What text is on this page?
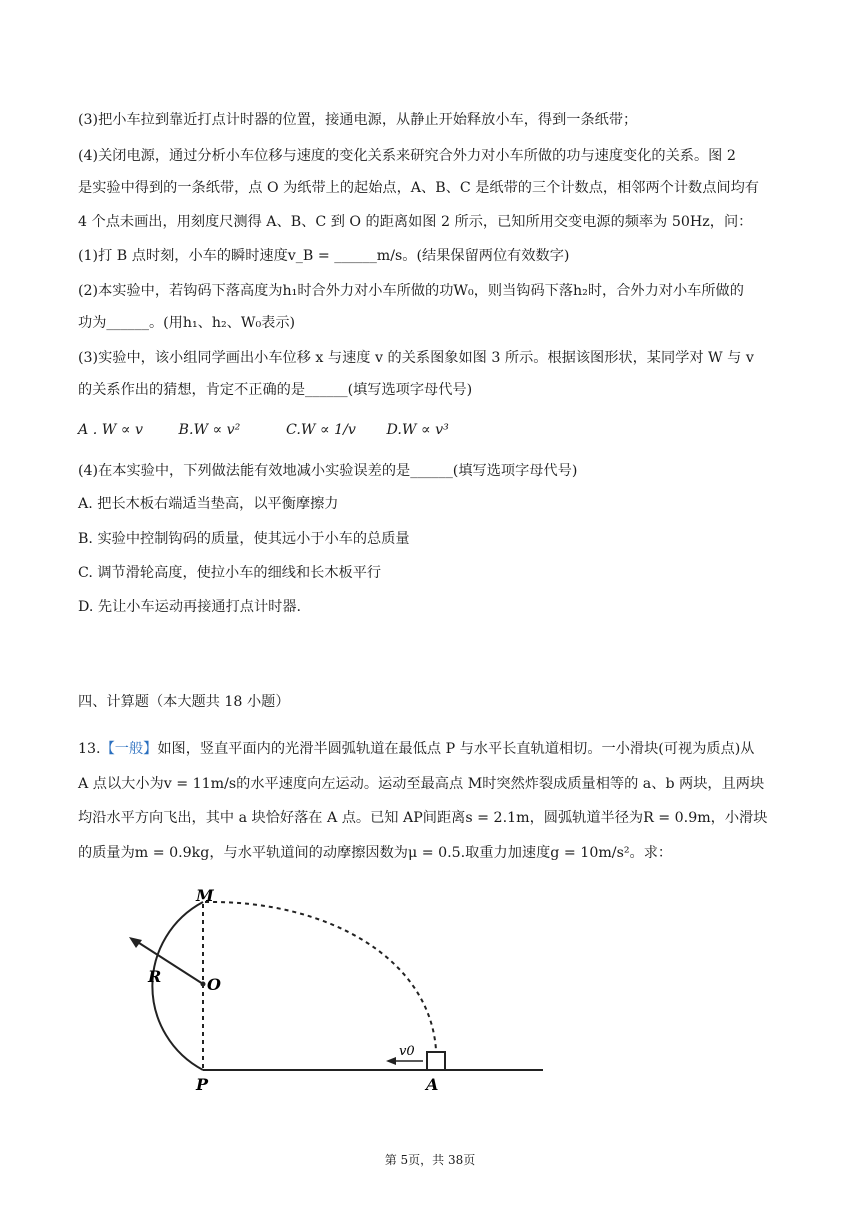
(3)把小车拉到靠近打点计时器的位置，接通电源，从静止开始释放小车，得到一条纸带；
(4)关闭电源，通过分析小车位移与速度的变化关系来研究合外力对小车所做的功与速度变化的关系。图 2
是实验中得到的一条纸带，点 O 为纸带上的起始点，A、B、C 是纸带的三个计数点，相邻两个计数点间均有
4 个点未画出，用刻度尺测得 A、B、C 到 O 的距离如图 2 所示，已知所用交变电源的频率为 50Hz，问：
(1)打 B 点时刻，小车的瞬时速度v_B = ______m/s。(结果保留两位有效数字)
(2)本实验中，若钩码下落高度为h₁时合外力对小车所做的功W₀，则当钩码下落h₂时，合外力对小车所做的
功为______。(用h₁、h₂、W₀表示)
(3)实验中，该小组同学画出小车位移 x 与速度 v 的关系图象如图 3 所示。根据该图形状，某同学对 W 与 v
的关系作出的猜想，肯定不正确的是______(填写选项字母代号)
A . W ∝ v	B.W ∝ v²	C.W ∝ 1/v D.W ∝ v³
(4)在本实验中，下列做法能有效地减小实验误差的是______(填写选项字母代号)
A. 把长木板右端适当垫高，以平衡摩擦力
B. 实验中控制钩码的质量，使其远小于小车的总质量
C. 调节滑轮高度，使拉小车的细线和长木板平行
D. 先让小车运动再接通打点计时器.
四、计算题（本大题共 18 小题）
13.【一般】如图，竖直平面内的光滑半圆弧轨道在最低点 P 与水平长直轨道相切。一小滑块(可视为质点)从
A 点以大小为v = 11m/s的水平速度向左运动。运动至最高点 M时突然炸裂成质量相等的 a、b 两块，且两块
均沿水平方向飞出，其中 a 块恰好落在 A 点。已知 AP间距离s = 2.1m，圆弧轨道半径为R = 0.9m，小滑块
的质量为m = 0.9kg，与水平轨道间的动摩擦因数为μ = 0.5.取重力加速度g = 10m/s²。求：
M
R	O
P	A
v0
第 5页，共 38页
